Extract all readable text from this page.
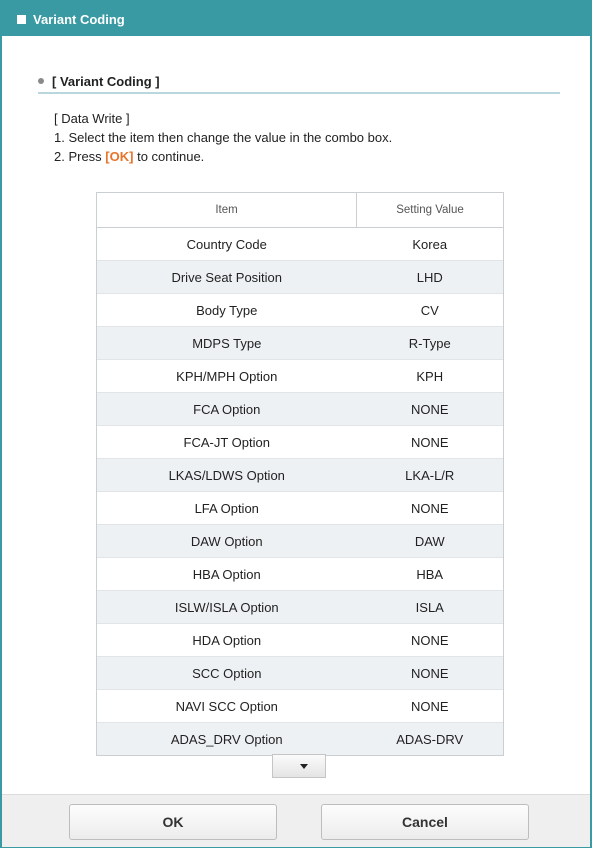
Variant Coding
[ Variant Coding ]
[ Data Write ]
1. Select the item then change the value in the combo box.
2. Press [OK] to continue.
Item	Setting Value
Country Code	Korea
Drive Seat Position	LHD
Body Type	CV
MDPS Type	R-Type
KPH/MPH Option	KPH
FCA Option	NONE
FCA-JT Option	NONE
LKAS/LDWS Option	LKA-L/R
LFA Option	NONE
DAW Option	DAW
HBA Option	HBA
ISLW/ISLA Option	ISLA
HDA Option	NONE
SCC Option	NONE
NAVI SCC Option	NONE
ADAS_DRV Option	ADAS-DRV
OK	Cancel
